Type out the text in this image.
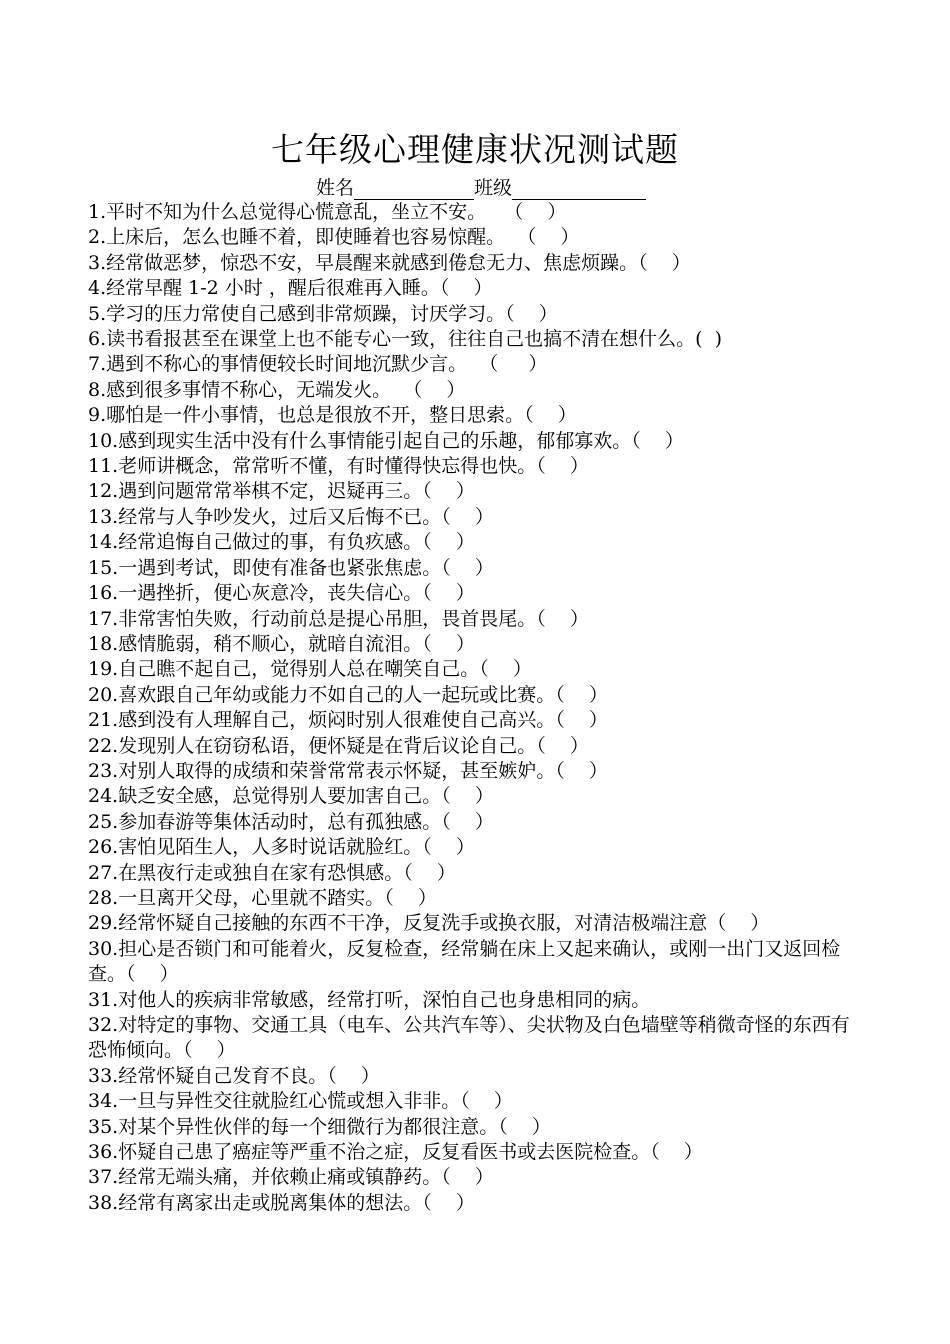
七年级心理健康状况测试题
姓名	班级
1.平时不知为什么总觉得心慌意乱，坐立不安。   （    ）
2.上床后，怎么也睡不着，即使睡着也容易惊醒。  （    ）
3.经常做恶梦，惊恐不安，早晨醒来就感到倦怠无力、焦虑烦躁。（    ）
4.经常早醒 1-2 小时 ，醒后很难再入睡。（    ）
5.学习的压力常使自己感到非常烦躁，讨厌学习。（    ）
6.读书看报甚至在课堂上也不能专心一致，往往自己也搞不清在想什么。(  )
7.遇到不称心的事情便较长时间地沉默少言。  （     ）
8.感到很多事情不称心，无端发火。  （    ）
9.哪怕是一件小事情，也总是很放不开，整日思索。（    ）
10.感到现实生活中没有什么事情能引起自己的乐趣，郁郁寡欢。（    ）
11.老师讲概念，常常听不懂，有时懂得快忘得也快。（    ）
12.遇到问题常常举棋不定，迟疑再三。（    ）
13.经常与人争吵发火，过后又后悔不已。（    ）
14.经常追悔自己做过的事，有负疚感。（    ）
15.一遇到考试，即使有准备也紧张焦虑。（    ）
16.一遇挫折，便心灰意冷，丧失信心。（    ）
17.非常害怕失败，行动前总是提心吊胆，畏首畏尾。（    ）
18.感情脆弱，稍不顺心，就暗自流泪。（    ）
19.自己瞧不起自己，觉得别人总在嘲笑自己。（    ）
20.喜欢跟自己年幼或能力不如自己的人一起玩或比赛。（    ）
21.感到没有人理解自己，烦闷时别人很难使自己高兴。（    ）
22.发现别人在窃窃私语，便怀疑是在背后议论自己。（    ）
23.对别人取得的成绩和荣誉常常表示怀疑，甚至嫉妒。（    ）
24.缺乏安全感，总觉得别人要加害自己。（    ）
25.参加春游等集体活动时，总有孤独感。（    ）
26.害怕见陌生人，人多时说话就脸红。（    ）
27.在黑夜行走或独自在家有恐惧感。（    ）
28.一旦离开父母，心里就不踏实。（    ）
29.经常怀疑自己接触的东西不干净，反复洗手或换衣服，对清洁极端注意（    ）
30.担心是否锁门和可能着火，反复检查，经常躺在床上又起来确认，或刚一出门又返回检查。（    ）
31.对他人的疾病非常敏感，经常打听，深怕自己也身患相同的病。
32.对特定的事物、交通工具（电车、公共汽车等）、尖状物及白色墙壁等稍微奇怪的东西有恐怖倾向。（    ）
33.经常怀疑自己发育不良。（    ）
34.一旦与异性交往就脸红心慌或想入非非。（    ）
35.对某个异性伙伴的每一个细微行为都很注意。（    ）
36.怀疑自己患了癌症等严重不治之症，反复看医书或去医院检查。（    ）
37.经常无端头痛，并依赖止痛或镇静药。（    ）
38.经常有离家出走或脱离集体的想法。（    ）
